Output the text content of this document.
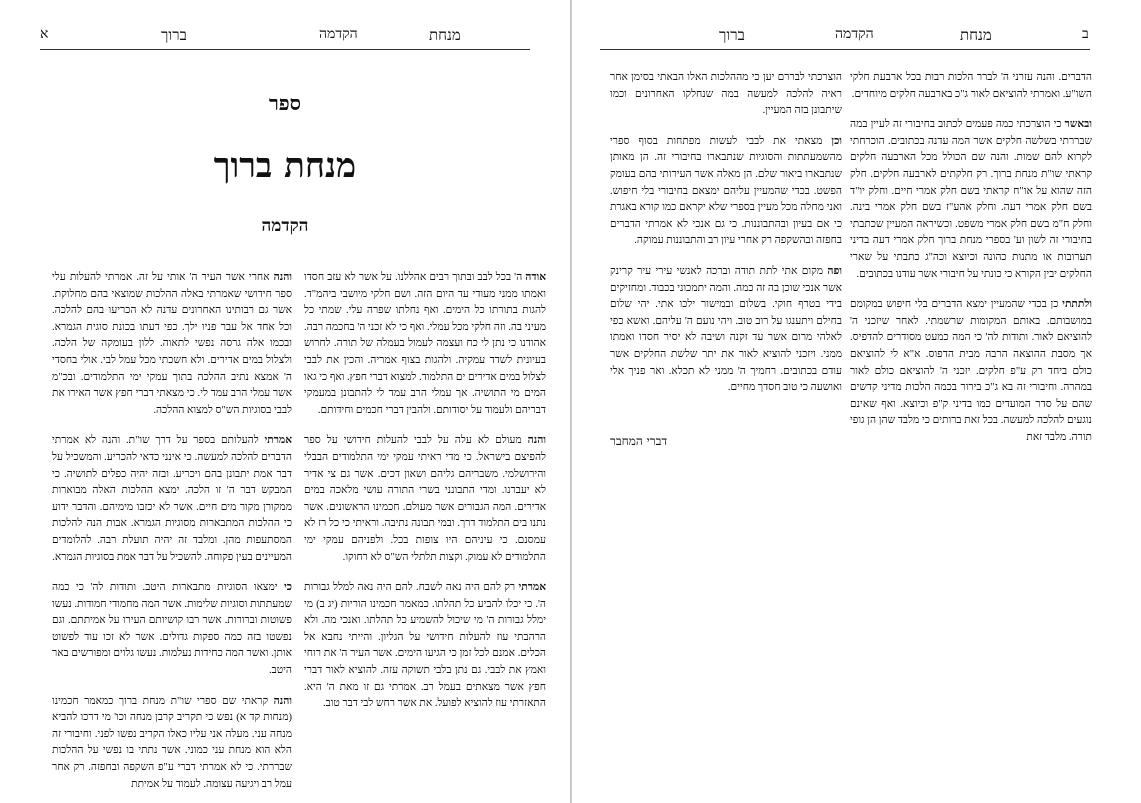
א	ברוך	הקדמה	מנחת
ספר
מנחת ברוך
הקדמה

אודה ה' בכל לבב ובתוך רבים אהללנו. על אשר לא עזב חסדו ואמתו ממני מעודי עד היום הזה. ושם חלקי מיושבי ביהמ"ד. להגות בתורתו כל הימים. ואף נחלתו שפרה עלי. שמתי כל מעיני בה. וזה חלקי מכל עמלי. ואף כי לא זכני ה' בחכמה רבה. אהודנו כי נתן לי כח ועצמה לעמול בעמלה של תורה. לחרוש בעיונית לשדד עמקיה. ולהגות בצוף אמריה. והכין את לבבי לצלול במים אדירים ים התלמוד. למצוא דברי חפץ. ואף כי גאו המים מי התושיה. אך עמלי הרב עמד לי להתבונן במעמקי דבריהם ולעמוד על יסודותם. ולהבין דברי חכמים וחידותם.

והנה מעולם לא עלה על לבבי להעלות חידושי על ספר להפיצם בישראל. כי מדי ראיתי עמקי ימי התלמודים הבבלי והירושלמי. משבריהם גליהם ושאון דכים. אשר גם צי אדיר לא יעברנו. ומדי התבונני בשרי התורה עושי מלאכה במים אדירים. המה הגבורים אשר מעולם. חכמינו הראשונים. אשר נתנו בים התלמוד דרך. ובמי תבונה נתיבה. וראיתי כי כל רז לא עמסנם. כי עיניהם היו צופות בכל. ולפניהם עמקי ימי התלמודים לא עמוק. וקצות תלתלי הש"ס לא רחוקו.

אמרתי רק להם היה נאה לשבח. להם היה נאה למלל גבורות ה'. כי יכלו להביע כל תהלתו. כמאמר חכמינו הוריות (יג ב) מי ימלל גבורות ה' מי שיכול להשמיע כל תהלתו. ואנכי מה. ולא הרהבתי עוז להעלות חידושי על הגליון. והייתי נחבא אל הכלים. אמנם לכל זמן כי הגיעו הימים. אשר העיר ה' את רוחי ואמץ את לבבי. גם נתן בלבי תשוקה עזה. להוציא לאור דברי חפץ אשר מצאתים בעמל רב. אמרתי גם זו מאת ה' היא. התאזרתי עוז להוציא לפועל. את אשר רחש לבי דבר טוב.

והנה אחרי אשר העיר ה' אותי על זה. אמרתי להעלות עלי ספר חידושי שאמרתי באלה ההלכות שמוצאי בהם מחלוקת. אשר גם רבותינו האחרונים עדנה לא הכריעו בהם להלכה. וכל אחד אל עבר פניו ילך. כפי דעתו בכונת סוגית הגמרא. ובכמו אלה גרסה נפשי לתאוה. ללון בעומקה של הלכה. ולצלול במים אדירים. ולא חשכתי מכל עמל לבי. אולי בחסדי ה' אמצא נתיב ההלכה בתוך עמקי ימי התלמודים. ובכ"מ אשר עמלי הרב עמד לי. כי מצאתי דברי חפץ אשר האירו את לבבי בסוגיות הש"ס למצוא ההלכה.

אמרתי להעלותם בספר על דרך שו"ת. והנה לא אמרתי הדברים להלכה למעשה. כי אינני כדאי להכריע. והמשכיל על דבר אמת יתבונן בהם ויכריע. ובזה יהיה כפלים לתושיה. כי המבקש דבר ה' זו הלכה. ימצא ההלכות האלה מבוארות ממקורן מקור מים חיים. אשר לא יכזבו מימיהם. והדבר ידוע כי ההלכות המתבארות מסוגיות הגמרא. אבות הנה להלכות המסתעפות מהן. ומלבד זה יהיה תועלת רבה. להלומדים המעיינים בעין פקוחה. להשכיל על דבר אמת בסוגיות הגמרא.

כי ימצאו הסוגיות מתבארות היטב. ותודות לה' כי כמה שמעתתות וסוגיות שלימות. אשר המה מחמודי חמודות. נעשו פשוטות וברורות. אשר רבו קושיותם העירו על אמיתתם. וגם נפשטו בזה כמה ספקות גדולים. אשר לא זכו עוד לפשוט אותן. ואשר המה כחידות נעלמות. נעשו גלוים ומפורשים באר היטב.

והנה קראתי שם ספרי שו"ת מנחת ברוך כמאמר חכמינו (מנחות קד א) נפש כי תקריב קרבן מנחה וכו' מי דרכו להביא מנחה עני. מעלה אני עליו כאלו הקריב נפשו לפני. וחיבורי זה הלא הוא מנחת עני כמוני. אשר נתתי בו נפשי על ההלכות שבררתי. כי לא אמרתי דברי ע"פ השקפה ובחפזה. רק אחר עמל רב ויגיעה עצומה. לעמוד על אמיתת

ברוך	הקדמה	מנחת	ב

הדברים. והנה עזרני ה' לברר הלכות רבות בכל ארבעת חלקי השו"ע. ואמרתי להוציאם לאור ג"כ בארבעה חלקים מיוחדים.

ובאשר כי הוצרכתי כמה פעמים לכתוב בחיבורי זה לעיין במה שבררתי בשלשה חלקים אשר המה עדנה בכתובים. הוכרחתי לקרוא להם שמות. והנה שם הכולל מכל הארבעה חלקים קראתי שו"ת מנחת ברוך. רק חלקתים לארבעה חלקים. חלק הזה שהוא על או"ח קראתי בשם חלק אמרי חיים. וחלק יו"ד בשם חלק אמרי דעה. וחלק אהע"ז בשם חלק אמרי בינה. וחלק ח"מ בשם חלק אמרי משפט. וכשיראה המעיין שכתבתי בחיבורי זה לשון וע' בספרי מנחת ברוך חלק אמרי דעה בדיני תערובות או מתנות כהונה וכיוצא וכה"ג כתבתי על שארי החלקים יבין הקורא כי כונתי על חיבורי אשר עודנו בכתובים.

ולתתתי כן בכדי שהמעיין ימצא הדברים בלי חיפוש במקומם במושבותם. באותם המקומות שרשמתי. לאחר שיזכני ה' להוציאם לאור. ותודות לה' כי המה כמעט מסודרים להדפיס. אך מסבת ההוצאה הרבה מבית הדפוס. א"א לי להוציאם כולם ביחד רק ע"פ חלקים. יזכני ה' להוציאם כולם לאור במהרה. וחיבורי זה בא ג"כ בירור בכמה הלכות מדיני קדשים שהם על סדר המועדים כמו בדיני ק"פ וכיוצא. ואף שאינם נוגעים להלכה למעשה. בכל זאת ברותים כי מלבד שהן הן גופי תורה. מלבד זאת

הוצרכתי לבררם יען כי מההלכות האלו הבאתי בסימן אחר ראיה להלכה למעשה במה שנחלקו האחרונים וכמו שיתבונן בזה המעיין.

וכן מצאתי את לבבי לעשות מפתחות בסוף ספרי מהשמעתתות והסוגיות שנתבארו בחיבורי זה. הן מאותן שנתבארו ביאור שלם. הן מאלה אשר העירותי בהם בעומק הפשט. בכדי שהמעיין עליהם ימצאם בחיבורי בלי חיפוש. ואני מחלה מכל מעיין בספרי שלא יקראם כמו קורא באגרת כי אם בעיון ובהתבוננות. כי גם אנכי לא אמרתי הדברים בחפזה ובהשקפה רק אחרי עיון רב והתבוננות עמוקה.

ופה מקום אתי לתת תודה וברכה לאנשי עירי עיר קרינק אשר אנכי שוכן בה זה כמה. והמה יתמכוני בכבוד. ומחזיקים בידי בטרף חוקי. בשלום ובמישור ילכו אתי. יהי שלום בחילם ויתענגו על רוב טוב. ויהי נועם ה' עליהם. ואשא כפי לאלהי מרום אשר עד זקנה ושיבה לא יסיר חסדו ואמתו ממני. ויזכני להוציא לאור את יתר שלשת החלקים אשר עודם בכתובים. רחמיך ה' ממני לא תכלא. ואר פניך אלי ואושעה כי טוב חסדך מחיים.

דברי המחבר
